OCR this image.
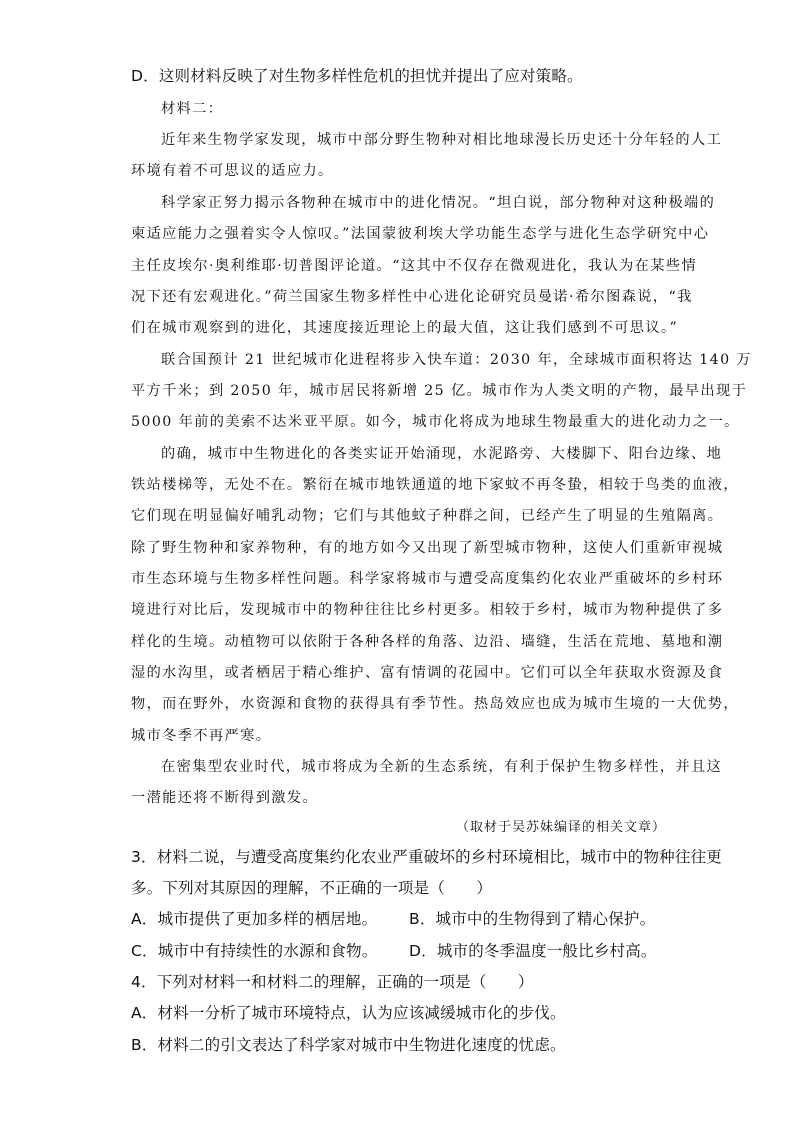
D．这则材料反映了对生物多样性危机的担忧并提出了应对策略。
材料二：
近年来生物学家发现，城市中部分野生物种对相比地球漫长历史还十分年轻的人工
环境有着不可思议的适应力。
科学家正努力揭示各物种在城市中的进化情况。“坦白说，部分物种对这种极端的
柬适应能力之强着实令人惊叹。”法国蒙彼利埃大学功能生态学与进化生态学研究中心
主任皮埃尔·奥利维耶·切普图评论道。“这其中不仅存在微观进化，我认为在某些情
况下还有宏观进化。”荷兰国家生物多样性中心进化论研究员曼诺·希尔图森说，“我
们在城市观察到的进化，其速度接近理论上的最大值，这让我们感到不可思议。”
联合国预计 21 世纪城市化进程将步入快车道：2030 年，全球城市面积将达 140 万
平方千米；到 2050 年，城市居民将新增 25 亿。城市作为人类文明的产物，最早出现于
5000 年前的美索不达米亚平原。如今，城市化将成为地球生物最重大的进化动力之一。
的确，城市中生物进化的各类实证开始涌现，水泥路旁、大楼脚下、阳台边缘、地
铁站楼梯等，无处不在。繁衍在城市地铁通道的地下家蚊不再冬蛰，相较于鸟类的血液，
它们现在明显偏好哺乳动物；它们与其他蚊子种群之间，已经产生了明显的生殖隔离。
除了野生物种和家养物种，有的地方如今又出现了新型城市物种，这使人们重新审视城
市生态环境与生物多样性问题。科学家将城市与遭受高度集约化农业严重破坏的乡村环
境进行对比后，发现城市中的物种往往比乡村更多。相较于乡村，城市为物种提供了多
样化的生境。动植物可以依附于各种各样的角落、边沿、墙缝，生活在荒地、墓地和潮
湿的水沟里，或者栖居于精心维护、富有情调的花园中。它们可以全年获取水资源及食
物，而在野外，水资源和食物的获得具有季节性。热岛效应也成为城市生境的一大优势，
城市冬季不再严寒。
在密集型农业时代，城市将成为全新的生态系统，有利于保护生物多样性，并且这
一潜能还将不断得到激发。
（取材于吴苏妹编译的相关文章）
3．材料二说，与遭受高度集约化农业严重破坏的乡村环境相比，城市中的物种往往更
多。下列对其原因的理解，不正确的一项是（　　）
A．城市提供了更加多样的栖居地。 B．城市中的生物得到了精心保护。
C．城市中有持续性的水源和食物。 D．城市的冬季温度一般比乡村高。
4．下列对材料一和材料二的理解，正确的一项是（　　）
A．材料一分析了城市环境特点，认为应该减缓城市化的步伐。
B．材料二的引文表达了科学家对城市中生物进化速度的忧虑。
